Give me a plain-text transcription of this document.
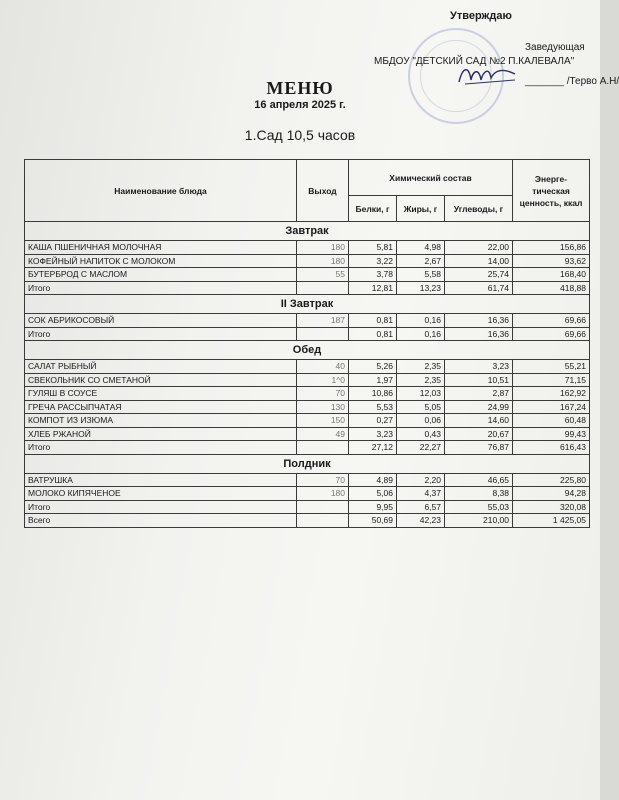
Утверждаю
Заведующая
МБДОУ "ДЕТСКИЙ САД №2 П.КАЛЕВАЛА"
_______ /Терво А.Н/
МЕНЮ
16 апреля 2025 г.
1.Сад 10,5 часов
Наименование блюда	Выход	Химический состав			Энерге- тическая ценность, ккал
		Белки, г	Жиры, г	Углеводы, г	
Завтрак					
КАША ПШЕНИЧНАЯ МОЛОЧНАЯ	180	5,81	4,98	22,00	156,86
КОФЕЙНЫЙ НАПИТОК С МОЛОКОМ	180	3,22	2,67	14,00	93,62
БУТЕРБРОД С МАСЛОМ	55	3,78	5,58	25,74	168,40
Итого		12,81	13,23	61,74	418,88
II Завтрак					
СОК АБРИКОСОВЫЙ	187	0,81	0,16	16,36	69,66
Итого		0,81	0,16	16,36	69,66
Обед					
САЛАТ РЫБНЫЙ	40	5,26	2,35	3,23	55,21
СВЕКОЛЬНИК СО СМЕТАНОЙ	1^0	1,97	2,35	10,51	71,15
ГУЛЯШ В СОУСЕ	70	10,86	12,03	2,87	162,92
ГРЕЧА РАССЫПЧАТАЯ	130	5,53	5,05	24,99	167,24
КОМПОТ ИЗ ИЗЮМА	150	0,27	0,06	14,60	60,48
ХЛЕБ РЖАНОЙ	49	3,23	0,43	20,67	99,43
Итого		27,12	22,27	76,87	616,43
Полдник					
ВАТРУШКА	70	4,89	2,20	46,65	225,80
МОЛОКО КИПЯЧЕНОЕ	180	5,06	4,37	8,38	94,28
Итого		9,95	6,57	55,03	320,08
Всего		50,69	42,23	210,00	1 425,05
